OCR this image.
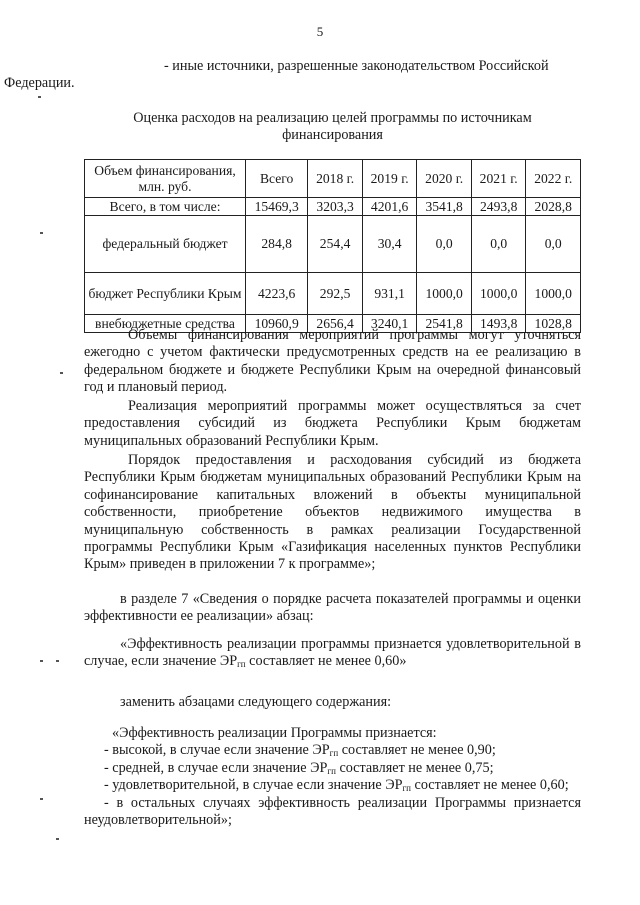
5
- иные источники, разрешенные законодательством Российской
Федерации.
Оценка расходов на реализацию целей программы по источникам
финансирования
Объем финансирования, млн. руб.	Всего	2018 г.	2019 г.	2020 г.	2021 г.	2022 г.
Всего, в том числе:	15469,3	3203,3	4201,6	3541,8	2493,8	2028,8
федеральный бюджет	284,8	254,4	30,4	0,0	0,0	0,0
бюджет Республики Крым	4223,6	292,5	931,1	1000,0	1000,0	1000,0
внебюджетные средства	10960,9	2656,4	3240,1	2541,8	1493,8	1028,8
Объемы финансирования мероприятий программы могут уточняться ежегодно с учетом фактически предусмотренных средств на ее реализацию в федеральном бюджете и бюджете Республики Крым на очередной финансовый год и плановый период.
Реализация мероприятий программы может осуществляться за счет предоставления субсидий из бюджета Республики Крым бюджетам муниципальных образований Республики Крым.
Порядок предоставления и расходования субсидий из бюджета Республики Крым бюджетам муниципальных образований Республики Крым на софинансирование капитальных вложений в объекты муниципальной собственности, приобретение объектов недвижимого имущества в муниципальную собственность в рамках реализации Государственной программы Республики Крым «Газификация населенных пунктов Республики Крым» приведен в приложении 7 к программе»;
в разделе 7 «Сведения о порядке расчета показателей программы и оценки эффективности ее реализации» абзац:
«Эффективность реализации программы признается удовлетворительной в случае, если значение $ЭР_{гп}$ составляет не менее 0,60»
заменить абзацами следующего содержания:
«Эффективность реализации Программы признается:
- высокой, в случае если значение $ЭР_{гп}$ составляет не менее 0,90;
- средней, в случае если значение $ЭР_{гп}$ составляет не менее 0,75;
- удовлетворительной, в случае если значение $ЭР_{гп}$ составляет не менее 0,60;
- в остальных случаях эффективность реализации Программы признается неудовлетворительной»;
